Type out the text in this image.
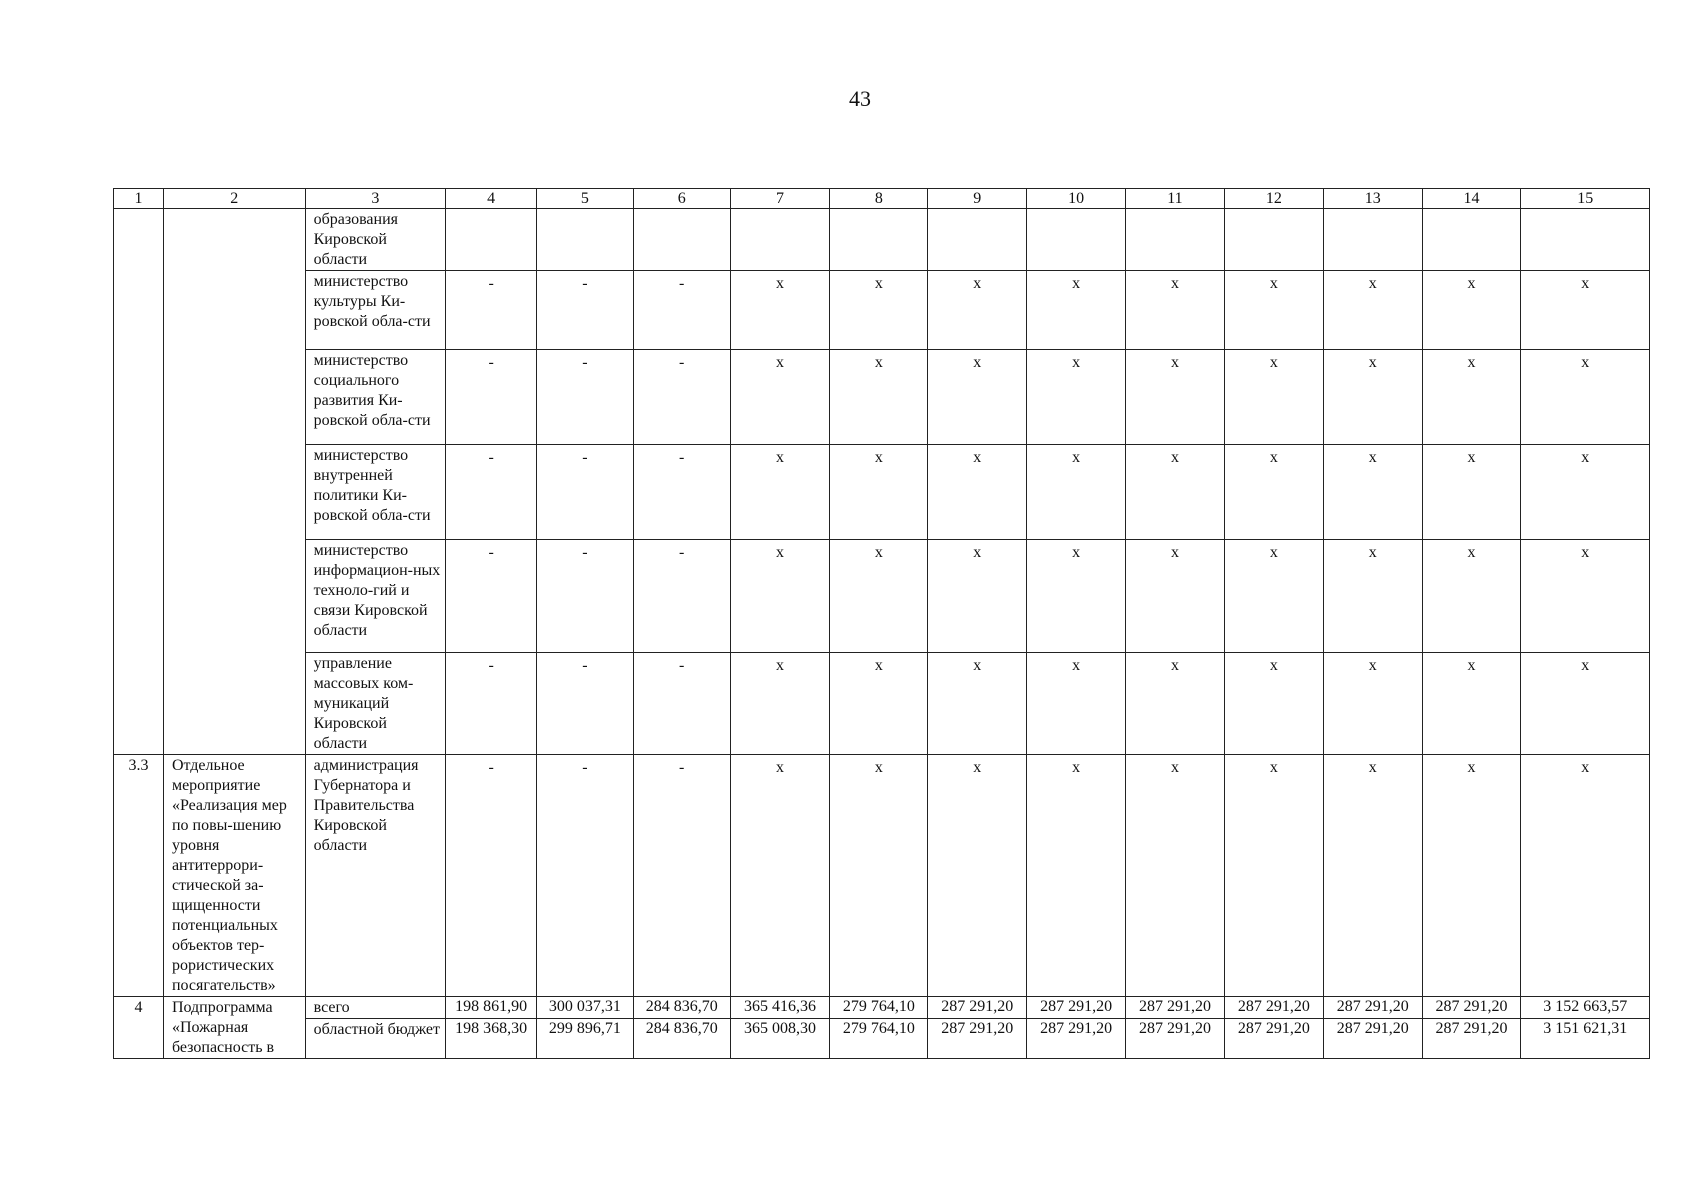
43
1	2	3	4	5	6	7	8	9	10	11	12	13	14	15
		образования Кировской области												
		министерство культуры Ки-ровской обла-сти	-	-	-	x	x	x	x	x	x	x	x	x
		министерство социального развития Ки-ровской обла-сти	-	-	-	x	x	x	x	x	x	x	x	x
		министерство внутренней политики Ки-ровской обла-сти	-	-	-	x	x	x	x	x	x	x	x	x
		министерство информацион-ных техноло-гий и связи Кировской области	-	-	-	x	x	x	x	x	x	x	x	x
		управление массовых ком-муникаций Кировской области	-	-	-	x	x	x	x	x	x	x	x	x
3.3	Отдельное мероприятие «Реализация мер по повы-шению уровня антитеррори-стической за-щищенности потенциальных объектов тер-рористических посягательств»	администрация Губернатора и Правительства Кировской области	-	-	-	x	x	x	x	x	x	x	x	x
4	Подпрограмма «Пожарная безопасность в	всего	198 861,90	300 037,31	284 836,70	365 416,36	279 764,10	287 291,20	287 291,20	287 291,20	287 291,20	287 291,20	287 291,20	3 152 663,57
		областной бюджет	198 368,30	299 896,71	284 836,70	365 008,30	279 764,10	287 291,20	287 291,20	287 291,20	287 291,20	287 291,20	287 291,20	3 151 621,31
